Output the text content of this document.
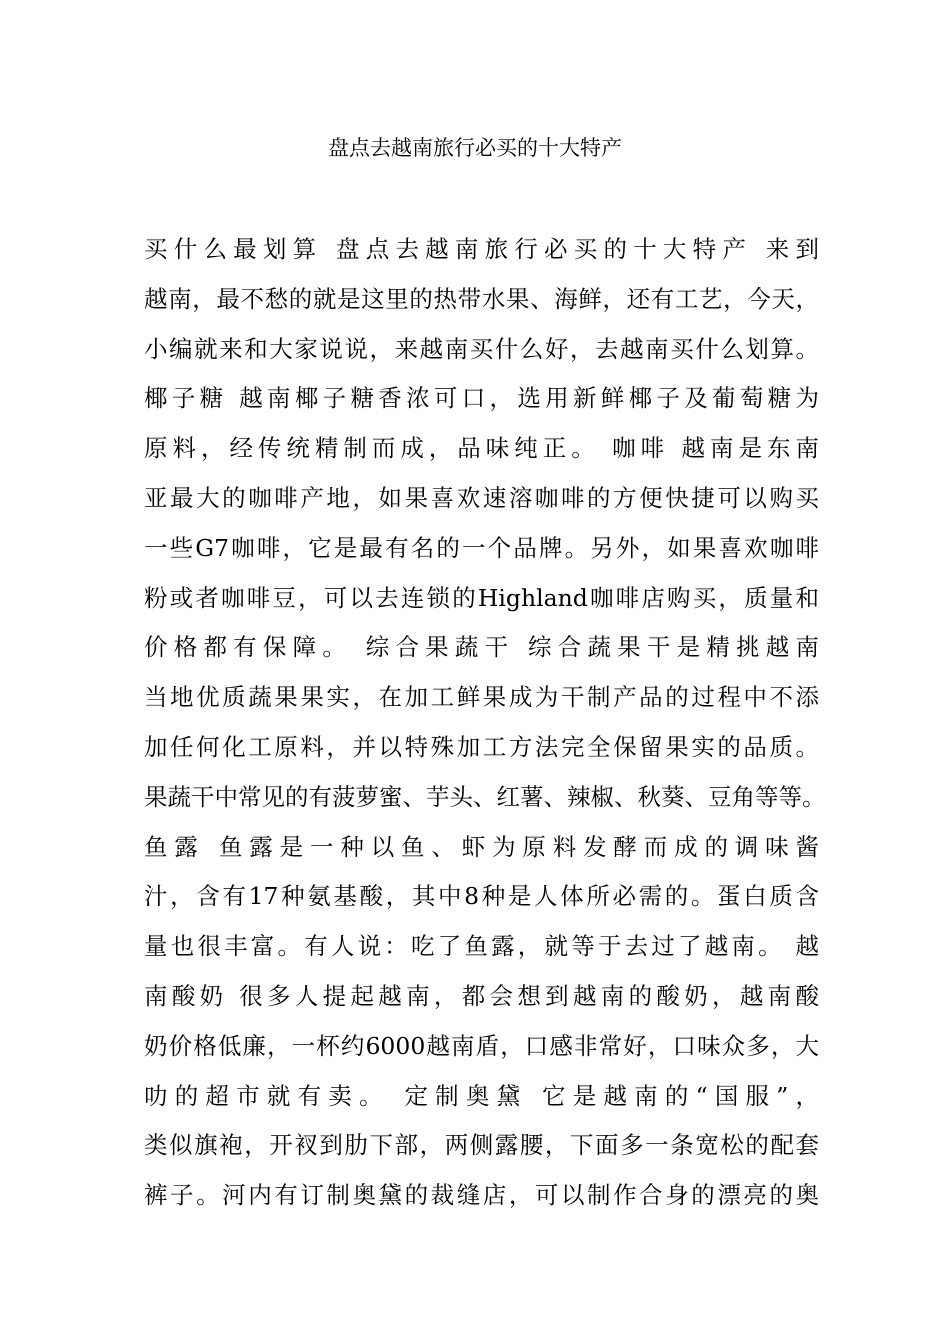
盘点去越南旅行必买的十大特产
买什么最划算 盘点去越南旅行必买的十大特产 来到
越南，最不愁的就是这里的热带水果、海鲜，还有工艺，今天，
小编就来和大家说说，来越南买什么好，去越南买什么划算。
椰子糖 越南椰子糖香浓可口，选用新鲜椰子及葡萄糖为
原料，经传统精制而成，品味纯正。 咖啡 越南是东南
亚最大的咖啡产地，如果喜欢速溶咖啡的方便快捷可以购买
一些G7咖啡，它是最有名的一个品牌。另外，如果喜欢咖啡
粉或者咖啡豆，可以去连锁的Highland咖啡店购买，质量和
价格都有保障。 综合果蔬干 综合蔬果干是精挑越南
当地优质蔬果果实，在加工鲜果成为干制产品的过程中不添
加任何化工原料，并以特殊加工方法完全保留果实的品质。
果蔬干中常见的有菠萝蜜、芋头、红薯、辣椒、秋葵、豆角等等。
鱼露 鱼露是一种以鱼、虾为原料发酵而成的调味酱
汁，含有17种氨基酸，其中8种是人体所必需的。蛋白质含
量也很丰富。有人说：吃了鱼露，就等于去过了越南。 越
南酸奶 很多人提起越南，都会想到越南的酸奶，越南酸
奶价格低廉，一杯约6000越南盾，口感非常好，口味众多，大
叻的超市就有卖。 定制奥黛 它是越南的“国服”，
类似旗袍，开衩到肋下部，两侧露腰，下面多一条宽松的配套
裤子。河内有订制奥黛的裁缝店，可以制作合身的漂亮的奥
